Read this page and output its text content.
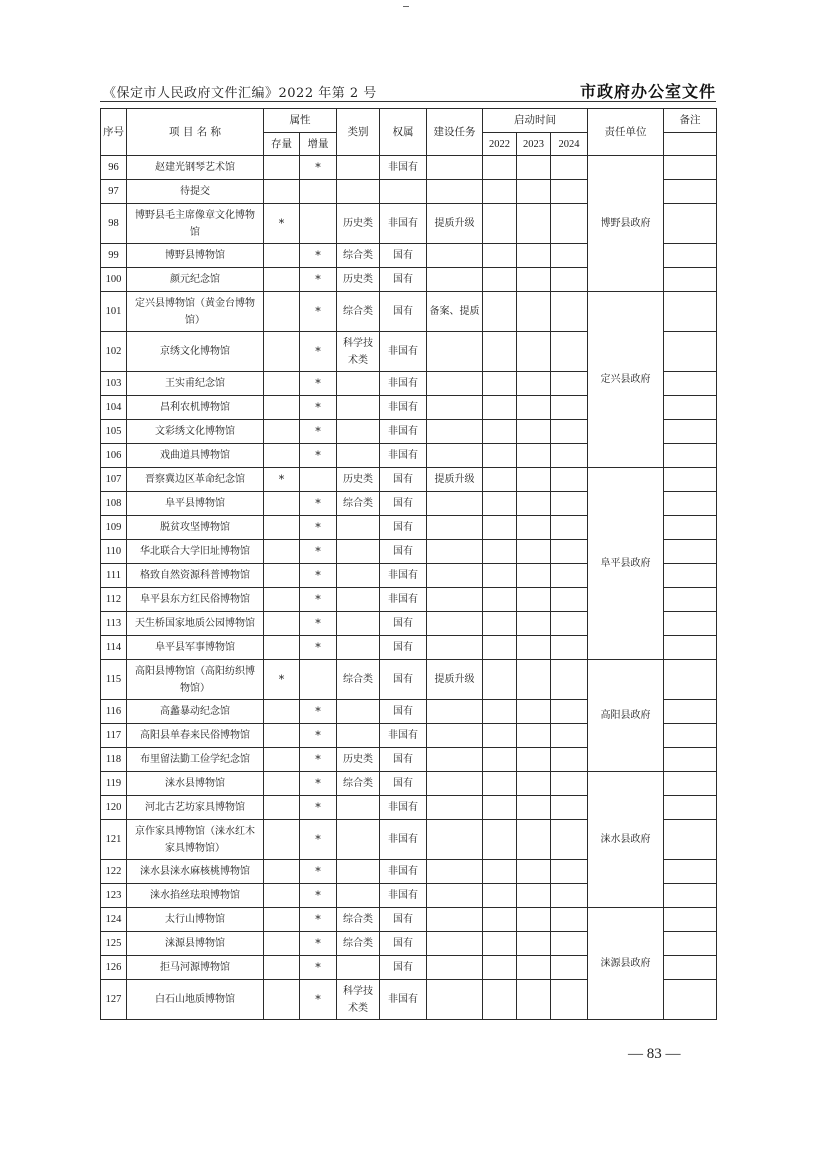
《保定市人民政府文件汇编》2022 年第 2 号	市政府办公室文件
序号	项 目 名 称	属性		类别	权属	建设任务	启动时间			责任单位	备注
		存量	增量				2022	2023	2024		
96	赵建光钢琴艺术馆		*		非国有					博野县政府	
97	待提交										
98	博野县毛主席像章文化博物馆	*		历史类	非国有	提质升级					
99	博野县博物馆		*	综合类	国有						
100	颜元纪念馆		*	历史类	国有						
101	定兴县博物馆（黄金台博物馆）		*	综合类	国有	备案、提质				定兴县政府	
102	京绣文化博物馆		*	科学技术类	非国有						
103	王实甫纪念馆		*		非国有						
104	昌利农机博物馆		*		非国有						
105	文彩绣文化博物馆		*		非国有						
106	戏曲道具博物馆		*		非国有						
107	晋察冀边区革命纪念馆	*		历史类	国有	提质升级				阜平县政府	
108	阜平县博物馆		*	综合类	国有						
109	脱贫攻坚博物馆		*		国有						
110	华北联合大学旧址博物馆		*		国有						
111	格致自然资源科普博物馆		*		非国有						
112	阜平县东方红民俗博物馆		*		非国有						
113	天生桥国家地质公园博物馆		*		国有						
114	阜平县军事博物馆		*		国有						
115	高阳县博物馆（高阳纺织博物馆）	*		综合类	国有	提质升级				高阳县政府	
116	高蠡暴动纪念馆		*		国有						
117	高阳县单春来民俗博物馆		*		非国有						
118	布里留法勤工俭学纪念馆		*	历史类	国有						
119	涞水县博物馆		*	综合类	国有					涞水县政府	
120	河北古艺坊家具博物馆		*		非国有						
121	京作家具博物馆（涞水红木家具博物馆）		*		非国有						
122	涞水县涞水麻核桃博物馆		*		非国有						
123	涞水掐丝珐琅博物馆		*		非国有						
124	太行山博物馆		*	综合类	国有					涞源县政府	
125	涞源县博物馆		*	综合类	国有						
126	拒马河源博物馆		*		国有						
127	白石山地质博物馆		*	科学技术类	非国有						
— 83 —
